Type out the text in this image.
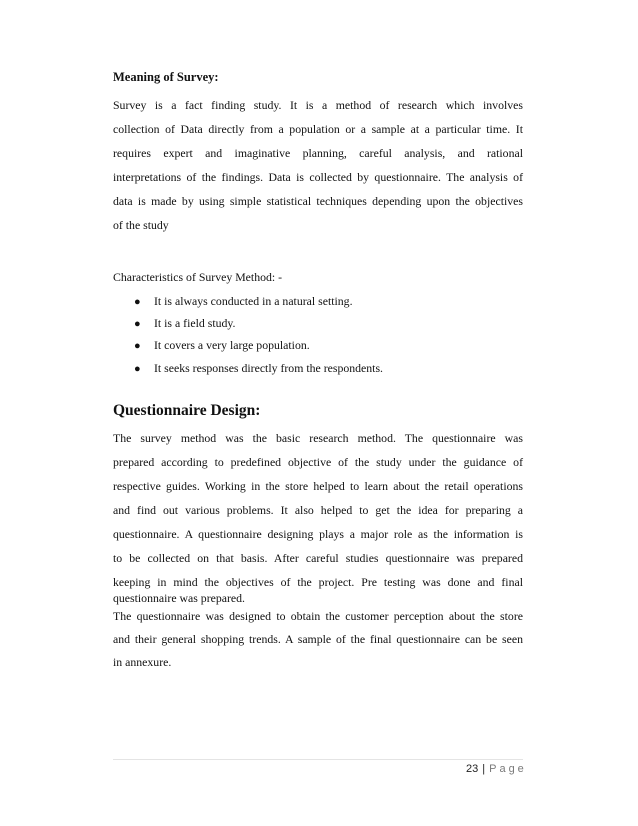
Meaning of Survey:
Survey is a fact finding study. It is a method of research which involves
collection of Data directly from a population or a sample at a particular time. It
requires expert and imaginative planning, careful analysis, and rational
interpretations of the findings. Data is collected by questionnaire. The analysis of
data is made by using simple statistical techniques depending upon the objectives
of the study
Characteristics of Survey Method: -
● It is always conducted in a natural setting.
● It is a field study.
● It covers a very large population.
● It seeks responses directly from the respondents.
Questionnaire Design:
The survey method was the basic research method. The questionnaire was
prepared according to predefined objective of the study under the guidance of
respective guides. Working in the store helped to learn about the retail operations
and find out various problems. It also helped to get the idea for preparing a
questionnaire. A questionnaire designing plays a major role as the information is
to be collected on that basis. After careful studies questionnaire was prepared
keeping in mind the objectives of the project. Pre testing was done and final
questionnaire was prepared.
The questionnaire was designed to obtain the customer perception about the store
and their general shopping trends. A sample of the final questionnaire can be seen
in annexure.
23 | Page
